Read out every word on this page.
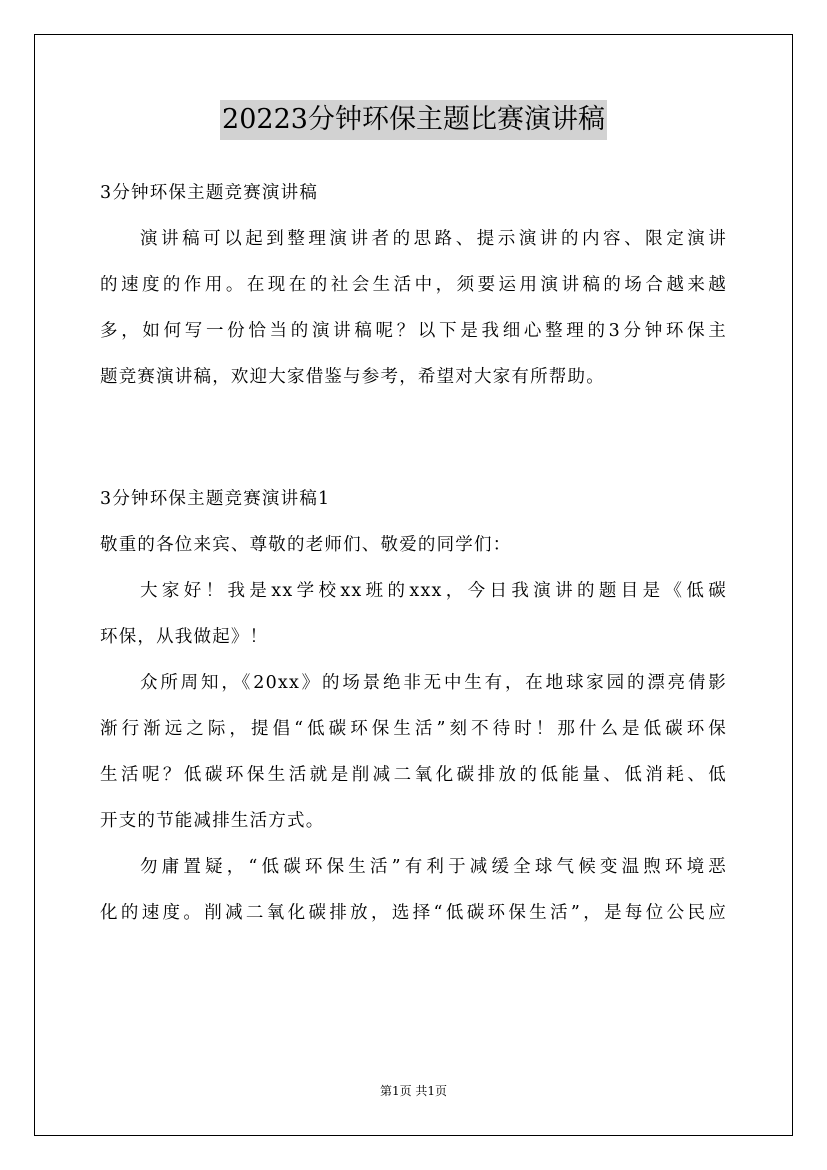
20223分钟环保主题比赛演讲稿
3分钟环保主题竞赛演讲稿
演讲稿可以起到整理演讲者的思路、提示演讲的内容、限定演讲
的速度的作用。在现在的社会生活中，须要运用演讲稿的场合越来越
多，如何写一份恰当的演讲稿呢？以下是我细心整理的3分钟环保主
题竞赛演讲稿，欢迎大家借鉴与参考，希望对大家有所帮助。
3分钟环保主题竞赛演讲稿1
敬重的各位来宾、尊敬的老师们、敬爱的同学们：
大家好！我是xx学校xx班的xxx，今日我演讲的题目是《低碳
环保，从我做起》！
众所周知，《20xx》的场景绝非无中生有，在地球家园的漂亮倩影
渐行渐远之际，提倡“低碳环保生活”刻不待时！那什么是低碳环保
生活呢？低碳环保生活就是削减二氧化碳排放的低能量、低消耗、低
开支的节能减排生活方式。
勿庸置疑，“低碳环保生活”有利于减缓全球气候变温煦环境恶
化的速度。削减二氧化碳排放，选择“低碳环保生活”，是每位公民应
第1页 共1页
